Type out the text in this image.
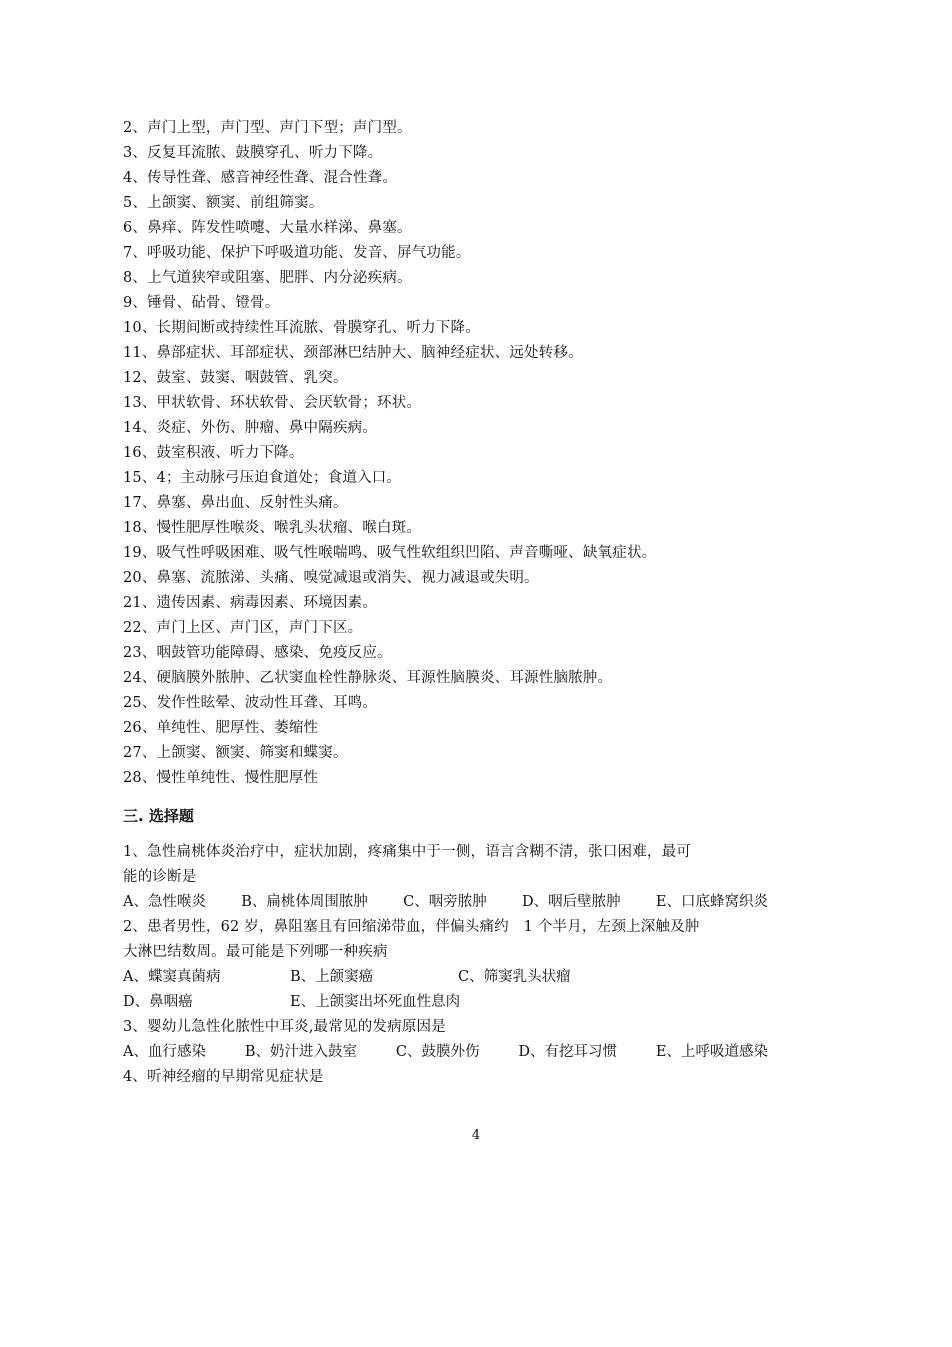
2、声门上型，声门型、声门下型；声门型。
3、反复耳流脓、鼓膜穿孔、听力下降。
4、传导性聋、感音神经性聋、混合性聋。
5、上颌窦、额窦、前组筛窦。
6、鼻痒、阵发性喷嚏、大量水样涕、鼻塞。
7、呼吸功能、保护下呼吸道功能、发音、屏气功能。
8、上气道狭窄或阻塞、肥胖、内分泌疾病。
9、锤骨、砧骨、镫骨。
10、长期间断或持续性耳流脓、骨膜穿孔、听力下降。
11、鼻部症状、耳部症状、颈部淋巴结肿大、脑神经症状、远处转移。
12、鼓室、鼓窦、咽鼓管、乳突。
13、甲状软骨、环状软骨、会厌软骨；环状。
14、炎症、外伤、肿瘤、鼻中隔疾病。
16、鼓室积液、听力下降。
15、4；主动脉弓压迫食道处；食道入口。
17、鼻塞、鼻出血、反射性头痛。
18、慢性肥厚性喉炎、喉乳头状瘤、喉白斑。
19、吸气性呼吸困难、吸气性喉喘鸣、吸气性软组织凹陷、声音嘶哑、缺氧症状。
20、鼻塞、流脓涕、头痛、嗅觉减退或消失、视力减退或失明。
21、遗传因素、病毒因素、环境因素。
22、声门上区、声门区，声门下区。
23、咽鼓管功能障碍、感染、免疫反应。
24、硬脑膜外脓肿、乙状窦血栓性静脉炎、耳源性脑膜炎、耳源性脑脓肿。
25、发作性眩晕、波动性耳聋、耳鸣。
26、单纯性、肥厚性、萎缩性
27、上颌窦、额窦、筛窦和蝶窦。
28、慢性单纯性、慢性肥厚性
三. 选择题
1、急性扁桃体炎治疗中，症状加剧，疼痛集中于一侧，语言含糊不清，张口困难，最可
能的诊断是
A、急性喉炎 B、扁桃体周围脓肿 C、咽旁脓肿 D、咽后壁脓肿 E、口底蜂窝织炎
2、患者男性，62 岁，鼻阻塞且有回缩涕带血，伴偏头痛约　1 个半月，左颈上深触及肿
大淋巴结数周。最可能是下列哪一种疾病
A、蝶窦真菌病	B、上颌窦癌	C、筛窦乳头状瘤
D、鼻咽癌	E、上颌窦出坏死血性息肉
3、婴幼儿急性化脓性中耳炎,最常见的发病原因是
A、血行感染	B、奶汁进入鼓室	C、鼓膜外伤	D、有挖耳习惯	E、上呼吸道感染
4、听神经瘤的早期常见症状是
4
